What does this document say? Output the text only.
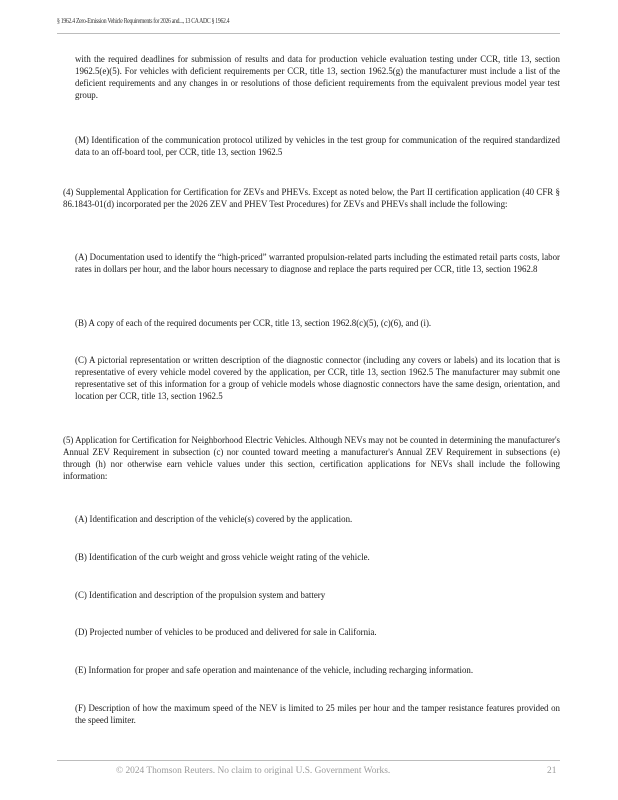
§ 1962.4 Zero-Emission Vehicle Requirements for 2026 and..., 13 CA ADC § 1962.4

with the required deadlines for submission of results and data for production vehicle evaluation testing under CCR, title 13, section 1962.5(e)(5). For vehicles with deficient requirements per CCR, title 13, section 1962.5(g) the manufacturer must include a list of the deficient requirements and any changes in or resolutions of those deficient requirements from the equivalent previous model year test group.

(M) Identification of the communication protocol utilized by vehicles in the test group for communication of the required standardized data to an off-board tool, per CCR, title 13, section 1962.5

(4) Supplemental Application for Certification for ZEVs and PHEVs. Except as noted below, the Part II certification application (40 CFR § 86.1843-01(d) incorporated per the 2026 ZEV and PHEV Test Procedures) for ZEVs and PHEVs shall include the following:

(A) Documentation used to identify the “high-priced” warranted propulsion-related parts including the estimated retail parts costs, labor rates in dollars per hour, and the labor hours necessary to diagnose and replace the parts required per CCR, title 13, section 1962.8

(B) A copy of each of the required documents per CCR, title 13, section 1962.8(c)(5), (c)(6), and (i).

(C) A pictorial representation or written description of the diagnostic connector (including any covers or labels) and its location that is representative of every vehicle model covered by the application, per CCR, title 13, section 1962.5 The manufacturer may submit one representative set of this information for a group of vehicle models whose diagnostic connectors have the same design, orientation, and location per CCR, title 13, section 1962.5

(5) Application for Certification for Neighborhood Electric Vehicles. Although NEVs may not be counted in determining the manufacturer's Annual ZEV Requirement in subsection (c) nor counted toward meeting a manufacturer's Annual ZEV Requirement in subsections (e) through (h) nor otherwise earn vehicle values under this section, certification applications for NEVs shall include the following information:

(A) Identification and description of the vehicle(s) covered by the application.

(B) Identification of the curb weight and gross vehicle weight rating of the vehicle.

(C) Identification and description of the propulsion system and battery

(D) Projected number of vehicles to be produced and delivered for sale in California.

(E) Information for proper and safe operation and maintenance of the vehicle, including recharging information.

(F) Description of how the maximum speed of the NEV is limited to 25 miles per hour and the tamper resistance features provided on the speed limiter.

© 2024 Thomson Reuters. No claim to original U.S. Government Works.	21
